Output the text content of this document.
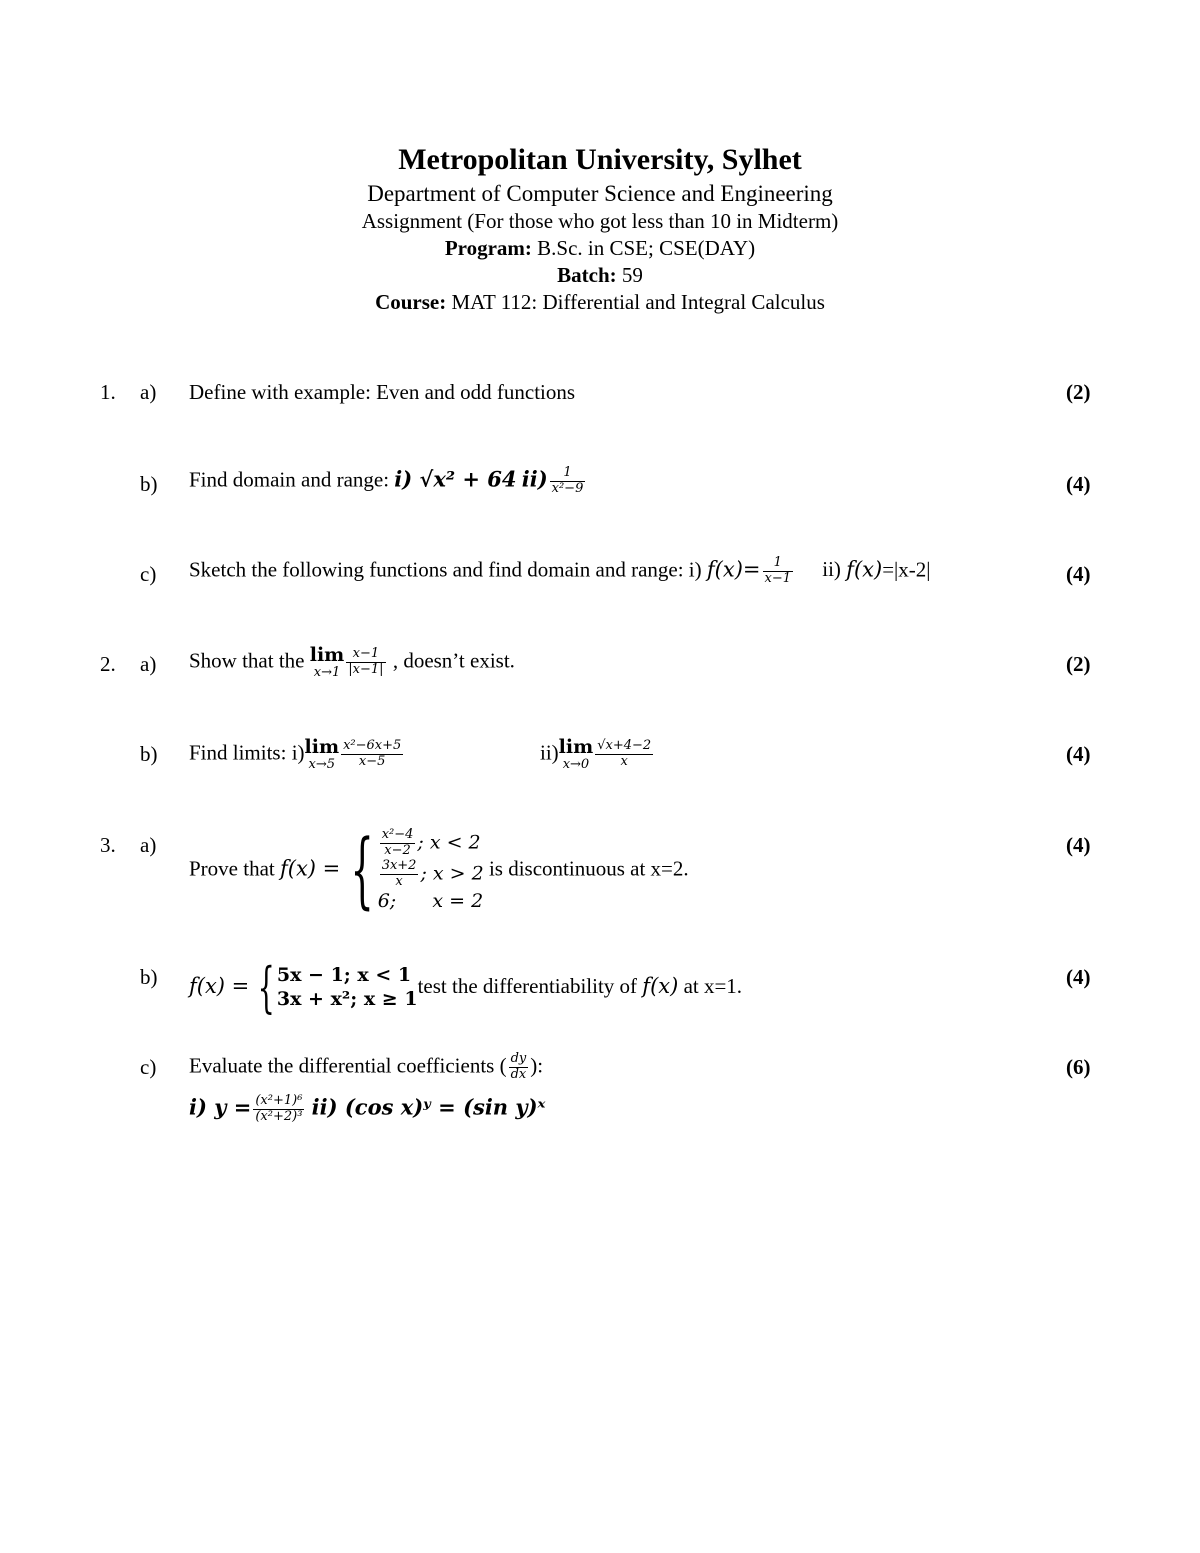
Metropolitan University, Sylhet
Department of Computer Science and Engineering
Assignment (For those who got less than 10 in Midterm)
Program: B.Sc. in CSE; CSE(DAY)
Batch: 59
Course: MAT 112: Differential and Integral Calculus
1. a) Define with example: Even and odd functions	(2)
b) Find domain and range: i) √x² + 64 $ii) \frac{1}{\text{x²−9}}$	(4)
c) Sketch the following functions and find domain and range: i) $f(x)= \frac{1}{x-1} ii$) f(x)=|x-2|	(4)
2. a) Show that the lim
$x\to 1 \frac{x-1}{|x-1|}$ , doesn’t exist.	(2)
b) Find limits: i) lim
$x\to 5 \frac{\text{x²−6x+5}}{x-5}$	ii) lim
$x\to 0 \frac{√x+4-2}{x}$	(4)
3. a)
Prove that f(x) = { $\frac{\text{x²−4}}{x-2}$ ; x < 2
$\frac{3x+2}{x}$ ; x > 2
6;      x = 2
is discontinuous at x=2.
(4)
b) f(x) = { 5x − 1; x < 1
3x + x²; x ≥ 1
test the differentiability of f(x) at x=1.	(4)
c) Evaluate the differential coefficients ( $\frac{dy}{dx}$ ):	(6)
i) $y = \frac{\text{(x²+1)⁶}}{\text{(x²+2)³}} ii$) (cos x)ʸ = (sin y)ˣ
